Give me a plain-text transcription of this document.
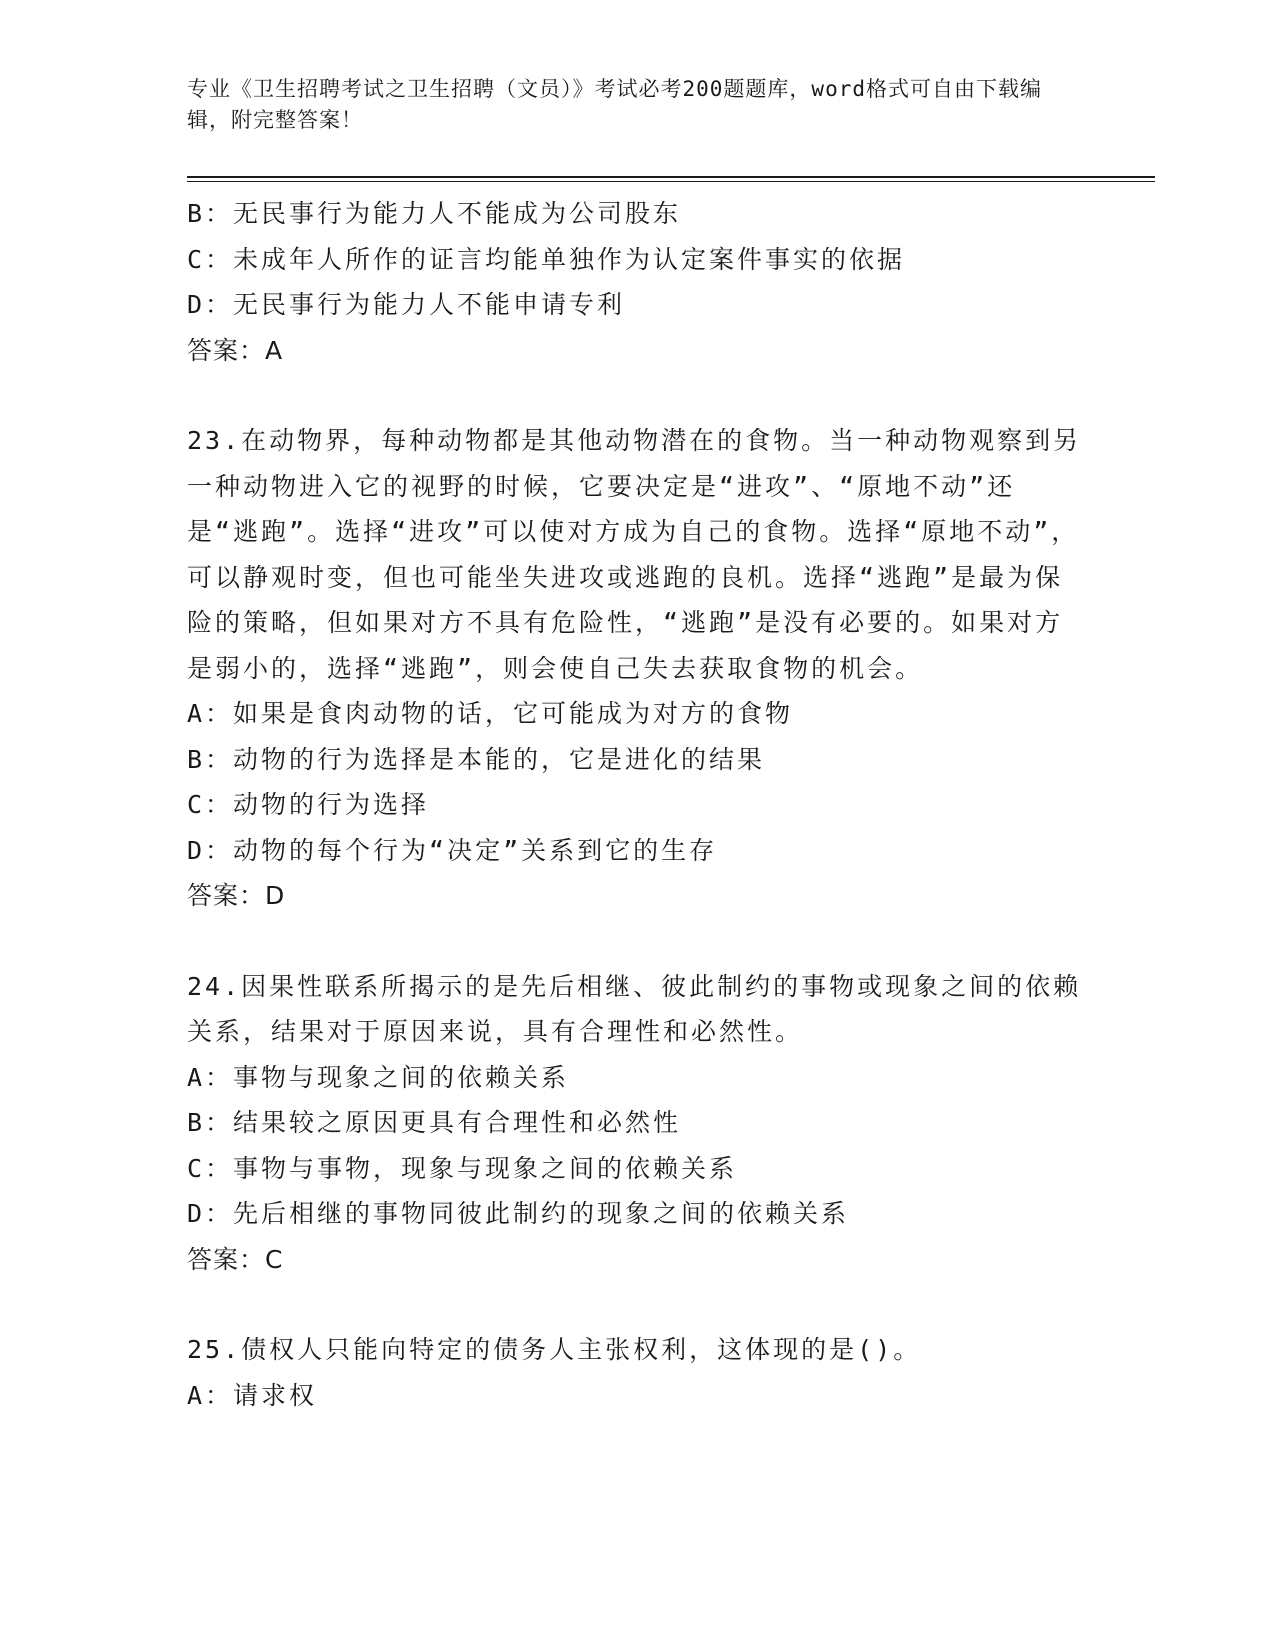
专业《卫生招聘考试之卫生招聘（文员）》考试必考200题题库，word格式可自由下载编辑，附完整答案！

B：无民事行为能力人不能成为公司股东

C：未成年人所作的证言均能单独作为认定案件事实的依据

D：无民事行为能力人不能申请专利

答案：A

23.在动物界，每种动物都是其他动物潜在的食物。当一种动物观察到另一种动物进入它的视野的时候，它要决定是“进攻”、“原地不动”还是“逃跑”。选择“进攻”可以使对方成为自己的食物。选择“原地不动”，可以静观时变，但也可能坐失进攻或逃跑的良机。选择“逃跑”是最为保险的策略，但如果对方不具有危险性，“逃跑”是没有必要的。如果对方是弱小的，选择“逃跑”，则会使自己失去获取食物的机会。

A：如果是食肉动物的话，它可能成为对方的食物

B：动物的行为选择是本能的，它是进化的结果

C：动物的行为选择

D：动物的每个行为“决定”关系到它的生存

答案：D

24.因果性联系所揭示的是先后相继、彼此制约的事物或现象之间的依赖关系，结果对于原因来说，具有合理性和必然性。

A：事物与现象之间的依赖关系

B：结果较之原因更具有合理性和必然性

C：事物与事物，现象与现象之间的依赖关系

D：先后相继的事物同彼此制约的现象之间的依赖关系

答案：C

25.债权人只能向特定的债务人主张权利，这体现的是()。

A：请求权
